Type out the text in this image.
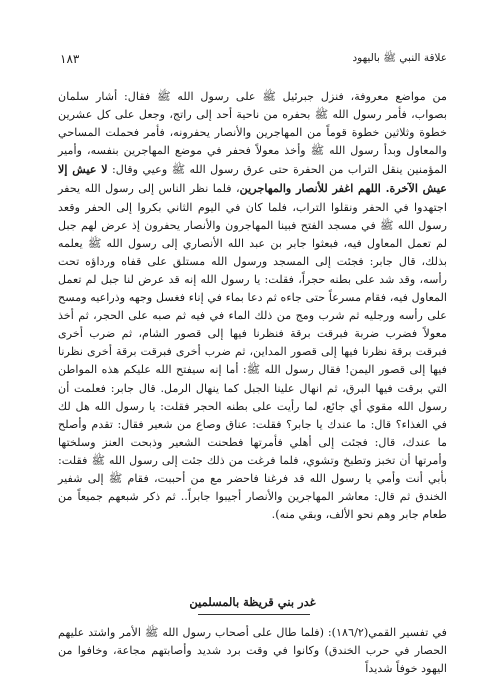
علاقة النبي ﷺ باليهود
١٨٣

من مواضع معروفة، فنزل جبرئيل ﷺ على رسول الله ﷺ فقال: أشار سلمان بصواب، فأمر رسول الله ﷺ بحفره من ناحية أحد إلى راتج، وجعل على كل عشرين خطوة وثلاثين خطوة قوماً من المهاجرين والأنصار يحفرونه، فأمر فحملت المساحي والمعاول وبدأ رسول الله ﷺ وأخذ معولاً فحفر في موضع المهاجرين بنفسه، وأمير المؤمنين ينقل التراب من الحفرة حتى عرق رسول الله ﷺ وعيي وقال: لا عيش إلا عيش الآخرة. اللهم اغفر للأنصار والمهاجرين، فلما نظر الناس إلى رسول الله يحفر اجتهدوا في الحفر ونقلوا التراب، فلما كان في اليوم الثاني بكروا إلى الحفر وقعد رسول الله ﷺ في مسجد الفتح فبينا المهاجرون والأنصار يحفرون إذ عرض لهم جبل لم تعمل المعاول فيه، فبعثوا جابر بن عبد الله الأنصاري إلى رسول الله ﷺ يعلمه بذلك، قال جابر: فجئت إلى المسجد ورسول الله مستلق على قفاه ورداؤه تحت رأسه، وقد شد على بطنه حجراً، فقلت: يا رسول الله إنه قد عرض لنا جبل لم تعمل المعاول فيه، فقام مسرعاً حتى جاءه ثم دعا بماء في إناء فغسل وجهه وذراعيه ومسح على رأسه ورجليه ثم شرب ومج من ذلك الماء في فيه ثم صبه على الحجر، ثم أخذ معولاً فضرب ضربة فبرقت برقة فنظرنا فيها إلى قصور الشام، ثم ضرب أخرى فبرقت برقة نظرنا فيها إلى قصور المداين، ثم ضرب أخرى فبرقت برقة أخرى نظرنا فيها إلى قصور اليمن! فقال رسول الله ﷺ: أما إنه سيفتح الله عليكم هذه المواطن التي برقت فيها البرق، ثم انهال علينا الجبل كما ينهال الرمل. قال جابر: فعلمت أن رسول الله مقوي أي جائع، لما رأيت على بطنه الحجر فقلت: يا رسول الله هل لك في الغذاء؟ قال: ما عندك يا جابر؟ فقلت: عناق وصاع من شعير فقال: تقدم وأصلح ما عندك، قال: فجئت إلى أهلي فأمرتها فطحنت الشعير وذبحت العنز وسلختها وأمرتها أن تخبز وتطبخ وتشوي، فلما فرغت من ذلك جئت إلى رسول الله ﷺ فقلت: بأبي أنت وأمي يا رسول الله قد فرغنا فاحضر مع من أحببت، فقام ﷺ إلى شفير الخندق ثم قال: معاشر المهاجرين والأنصار أجيبوا جابراً.. ثم ذكر شبعهم جميعاً من طعام جابر وهم نحو الألف، وبقي منه).

غدر بني قريظة بالمسلمين

في تفسير القمي(١٨٦/٢): (فلما طال على أصحاب رسول الله ﷺ الأمر واشتد عليهم الحصار في حرب الخندق) وكانوا في وقت برد شديد وأصابتهم مجاعة، وخافوا من اليهود خوفاً شديداً
